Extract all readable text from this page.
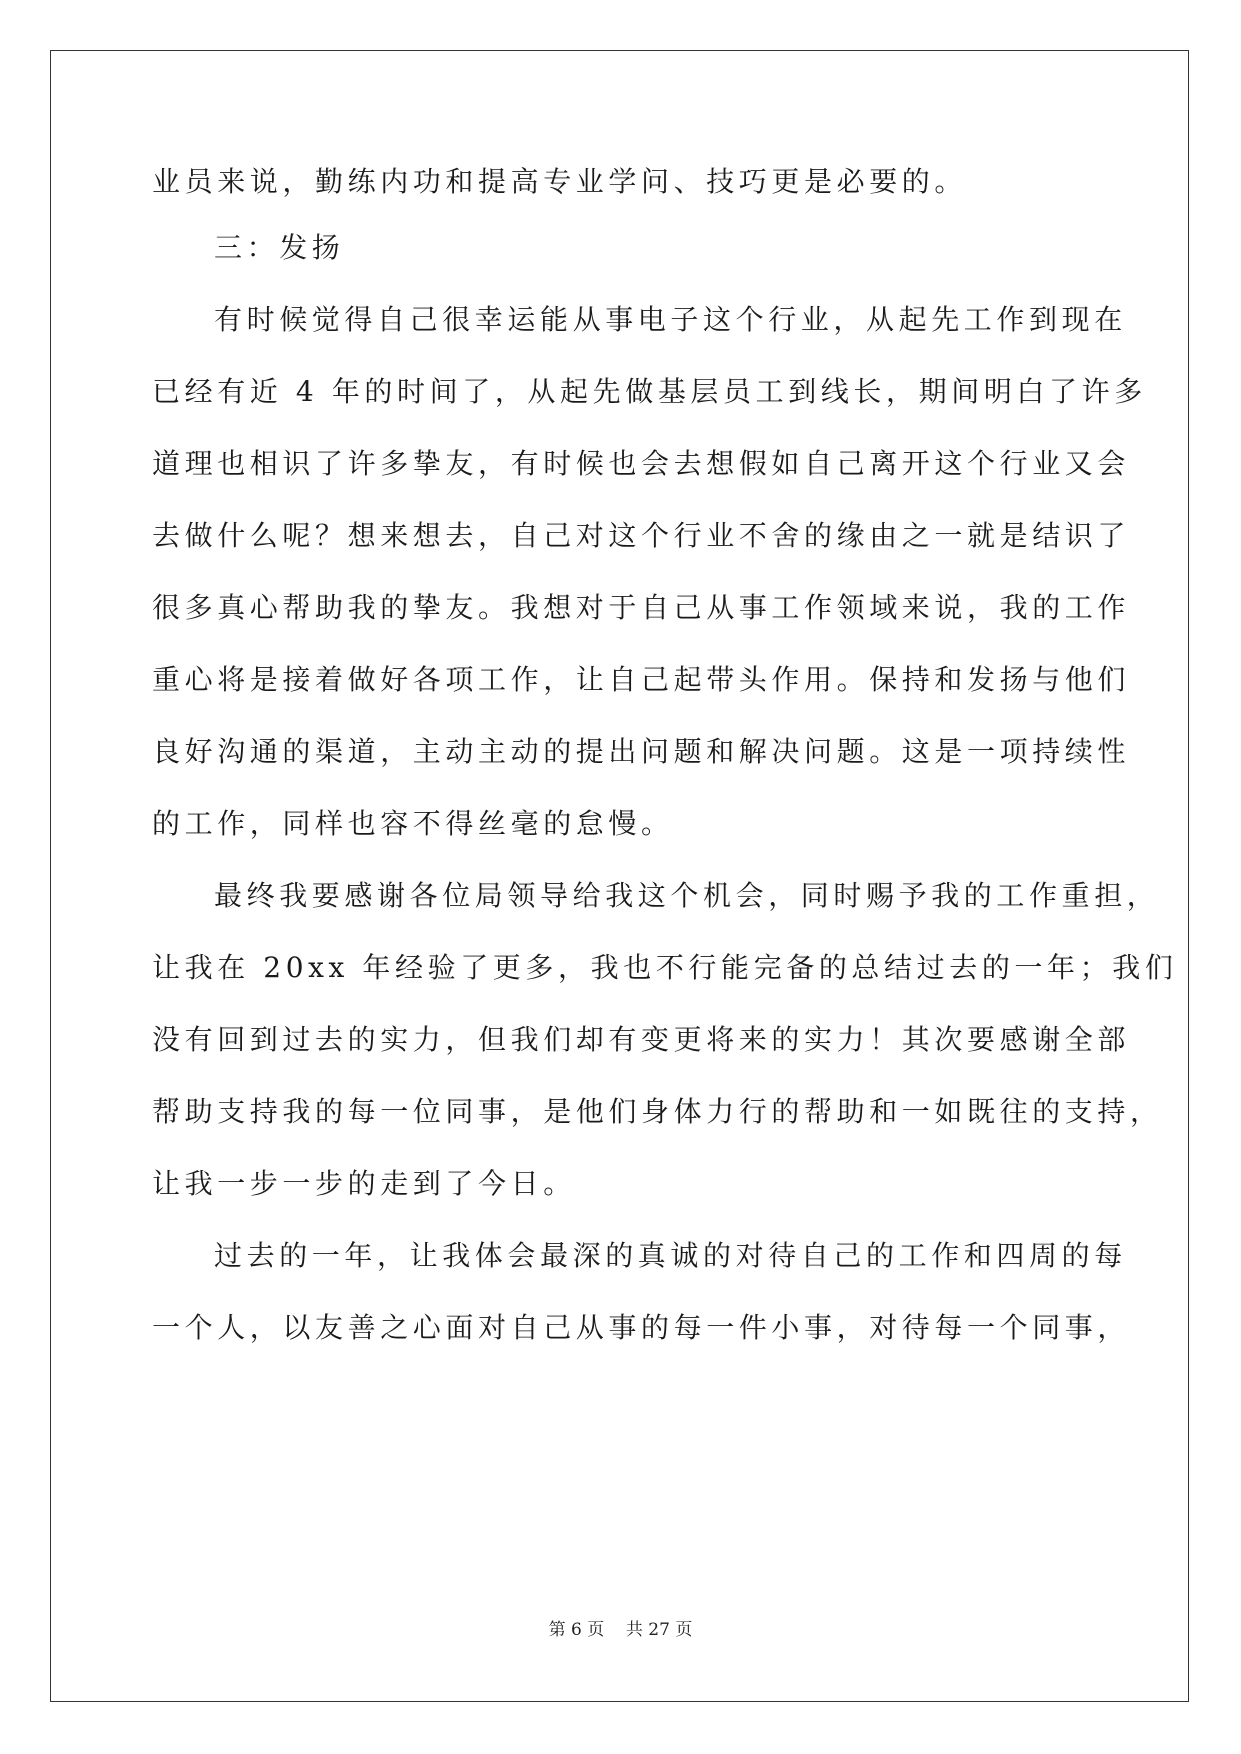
业员来说，勤练内功和提高专业学问、技巧更是必要的。
三：发扬
有时候觉得自己很幸运能从事电子这个行业，从起先工作到现在
已经有近 4 年的时间了，从起先做基层员工到线长，期间明白了许多
道理也相识了许多挚友，有时候也会去想假如自己离开这个行业又会
去做什么呢？想来想去，自己对这个行业不舍的缘由之一就是结识了
很多真心帮助我的挚友。我想对于自己从事工作领域来说，我的工作
重心将是接着做好各项工作，让自己起带头作用。保持和发扬与他们
良好沟通的渠道，主动主动的提出问题和解决问题。这是一项持续性
的工作，同样也容不得丝毫的怠慢。
最终我要感谢各位局领导给我这个机会，同时赐予我的工作重担，
让我在 20xx 年经验了更多，我也不行能完备的总结过去的一年；我们
没有回到过去的实力，但我们却有变更将来的实力！其次要感谢全部
帮助支持我的每一位同事，是他们身体力行的帮助和一如既往的支持，
让我一步一步的走到了今日。
过去的一年，让我体会最深的真诚的对待自己的工作和四周的每
一个人，以友善之心面对自己从事的每一件小事，对待每一个同事，
第 6 页    共 27 页
